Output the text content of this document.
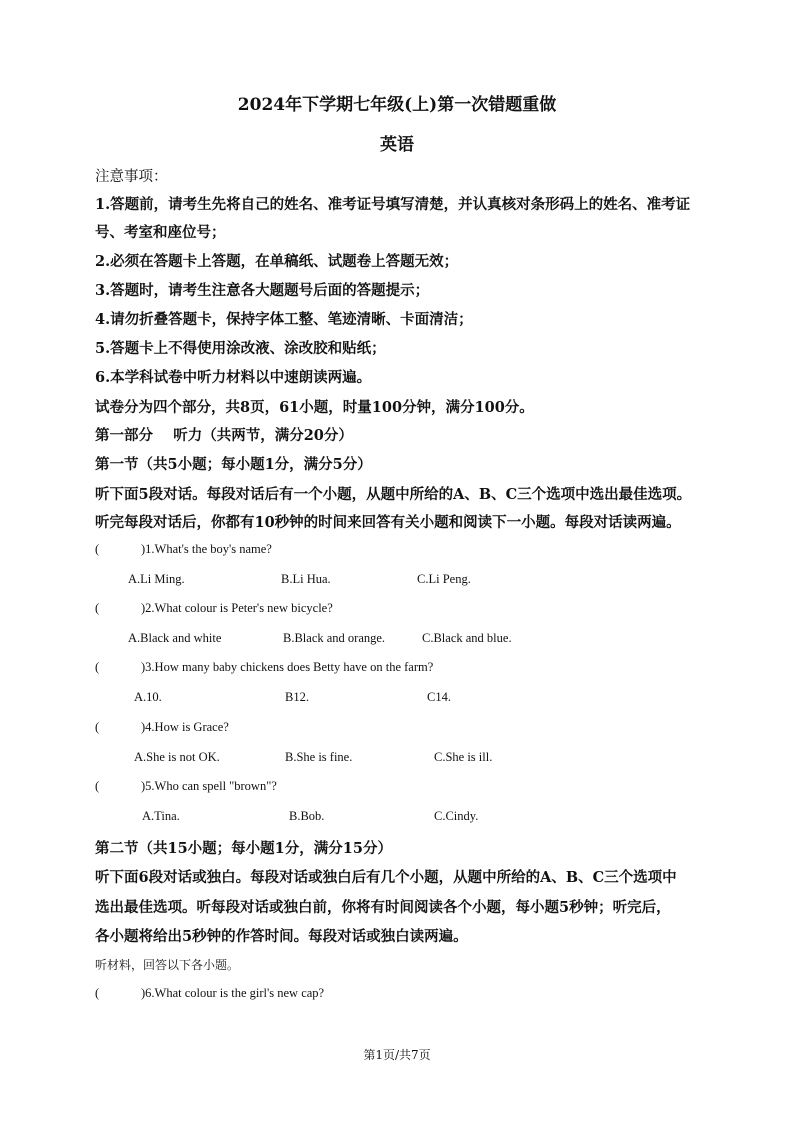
2024年下学期七年级(上)第一次错题重做
英语
注意事项：
1.答题前，请考生先将自己的姓名、准考证号填写清楚，并认真核对条形码上的姓名、准考证
号、考室和座位号；
2.必须在答题卡上答题，在单稿纸、试题卷上答题无效；
3.答题时，请考生注意各大题题号后面的答题提示；
4.请勿折叠答题卡，保持字体工整、笔迹清晰、卡面清洁；
5.答题卡上不得使用涂改液、涂改胶和贴纸；
6.本学科试卷中听力材料以中速朗读两遍。
试卷分为四个部分，共8页，61小题，时量100分钟，满分100分。
第一部分    听力（共两节，满分20分）
第一节（共5小题；每小题1分，满分5分）
听下面5段对话。每段对话后有一个小题，从题中所给的A、B、C三个选项中选出最佳选项。
听完每段对话后，你都有10秒钟的时间来回答有关小题和阅读下一小题。每段对话读两遍。
(	)1.What's the boy's name?
A.Li Ming.	B.Li Hua.	C.Li Peng.
(	)2.What colour is Peter's new bicycle?
A.Black and white	B.Black and orange.	C.Black and blue.
(	)3.How many baby chickens does Betty have on the farm?
A.10.	B12.	C14.
(	)4.How is Grace?
A.She is not OK.	B.She is fine.	C.She is ill.
(	)5.Who can spell "brown"?
A.Tina.	B.Bob.	C.Cindy.
第二节（共15小题；每小题1分，满分15分）
听下面6段对话或独白。每段对话或独白后有几个小题，从题中所给的A、B、C三个选项中
选出最佳选项。听每段对话或独白前，你将有时间阅读各个小题，每小题5秒钟；听完后，
各小题将给出5秒钟的作答时间。每段对话或独白读两遍。
听材料，回答以下各小题。
(	)6.What colour is the girl's new cap?
第1页/共7页
